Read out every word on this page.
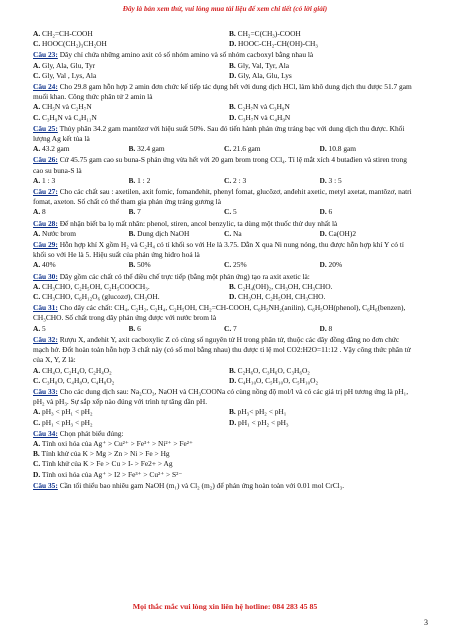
Đây là bản xem thử, vui lòng mua tài liệu để xem chi tiết (có lời giải)
A. CH₂=CH-COOH	B. CH₂=C(CH₃)-COOH
C. HOOC(CH₂)₃CH₂OH	D. HOOC-CH₂-CH(OH)-CH₃
Câu 23: Dãy chỉ chứa những amino axit có số nhóm amino và số nhóm cacboxyl bằng nhau là
A. Gly, Ala, Glu, Tyr	B. Gly, Val, Tyr, Ala
C. Gly, Val , Lys, Ala	D. Gly, Ala, Glu, Lys
Câu 24: Cho 29.8 gam hỗn hợp 2 amin đơn chức kế tiếp tác dụng hết với dung dịch HCl, làm khô dung dịch thu được 51.7 gam muối khan. Công thức phân tử 2 amin là
A. CH₅N và C₂H₇N	B. C₂H₇N và C₃H₉N
C. C₃H₉N và C₄H₁₁N	D. C₃H₇N và C₄H₉N
Câu 25: Thủy phân 34.2 gam mantôzơ với hiệu suất 50%. Sau đó tiến hành phản ứng tráng bạc với dung dịch thu được. Khối lượng Ag kết tủa là
A. 43.2 gam	B. 32.4 gam	C. 21.6 gam	D. 10.8 gam
Câu 26: Cứ 45.75 gam cao su buna-S phản ứng vừa hết với 20 gam brom trong CCl₄. Tỉ lệ mắt xích 4 butađien và stiren trong cao su buna-S là
A. 1 : 3	B. 1 : 2	C. 2 : 3	D. 3 : 5
Câu 27: Cho các chất sau : axetilen, axit fomic, fomanđehit, phenyl fomat, glucôzơ, anđehit axetic, metyl axetat, mantôzơ, natri fomat, axeton. Số chất có thể tham gia phản ứng tráng gương là
A. 8	B. 7	C. 5	D. 6
Câu 28: Để nhận biết ba lọ mất nhãn: phenol, stiren, ancol benzylic, ta dùng một thuốc thử duy nhất là
A. Nước brom	B. Dung dịch NaOH	C. Na	D. Ca(OH)2
Câu 29: Hỗn hợp khí X gồm H₂ và C₂H₄ có tỉ khối so với He là 3.75. Dẫn X qua Ni nung nóng, thu được hỗn hợp khí Y có tỉ khối so với He là 5. Hiệu suất của phản ứng hiđro hoá là
A. 40%	B. 50%	C. 25%	D. 20%
Câu 30: Dãy gồm các chất có thể điều chế trực tiếp (bằng một phản ứng) tạo ra axit axetic là:
A. CH₃CHO, C₂H₅OH, C₂H₅COOCH₃.	B. C₂H₄(OH)₂, CH₃OH, CH₃CHO.
C. CH₃CHO, C₆H₁₂O₆ (glucozơ), CH₃OH.	D. CH₃OH, C₂H₅OH, CH₃CHO.
Câu 31: Cho dãy các chất: CH₄, C₂H₂, C₂H₄, C₂H₅OH, CH₂=CH-COOH, C₆H₅NH₂(anilin), C₆H₅OH(phenol), C₆H₆(benzen), CH₃CHO. Số chất trong dãy phản ứng được với nước brom là
A. 5	B. 6	C. 7	D. 8
Câu 32: Rượu X, anđehit Y, axit cacboxylic Z có cùng số nguyên tử H trong phân tử, thuộc các dãy đồng đẳng no đơn chức mạch hở. Đốt hoàn toàn hỗn hợp 3 chất này (có số mol bằng nhau) thu được tỉ lệ mol CO2:H2O=11:12 . Vậy công thức phân tử của X, Y, Z là:
A. CH₄O, C₂H₄O, C₂H₄O₂	B. C₂H₆O, C₃H₆O, C₃H₆O₂
C. C₃H₈O, C₄H₈O, C₄H₈O₂	D. C₄H₁₀O, C₅H₁₀O, C₅H₁₀O₂
Câu 33: Cho các dung dịch sau: Na₂CO₃, NaOH và CH₃COONa có cùng nồng độ mol/l và có các giá trị pH tương ứng là pH₁, pH₂ và pH₃. Sự sắp xếp nào đúng với trình tự tăng dần pH.
A. pH₃ < pH₁ < pH₂	B. pH₃< pH₂ < pH₁
C. pH₁ < pH₃ < pH₂	D. pH₁ < pH₂ < pH₃
Câu 34: Chọn phát biểu đúng:
A. Tính oxi hóa của Ag⁺ > Cu²⁺ > Fe³⁺ > Ni²⁺ > Fe²⁺
B. Tính khử của K > Mg > Zn > Ni > Fe > Hg
C. Tính khử của K > Fe > Cu > I- > Fe2+ > Ag
D. Tính oxi hóa của Ag⁺ > I2 > Fe³⁺ > Cu²⁺ > S²⁻
Câu 35: Cần tối thiểu bao nhiêu gam NaOH (m₁) và Cl₂ (m₂) để phản ứng hoàn toàn với 0.01 mol CrCl₃.
Mọi thắc mắc vui lòng xin liên hệ hotline: 084 283 45 85
3
